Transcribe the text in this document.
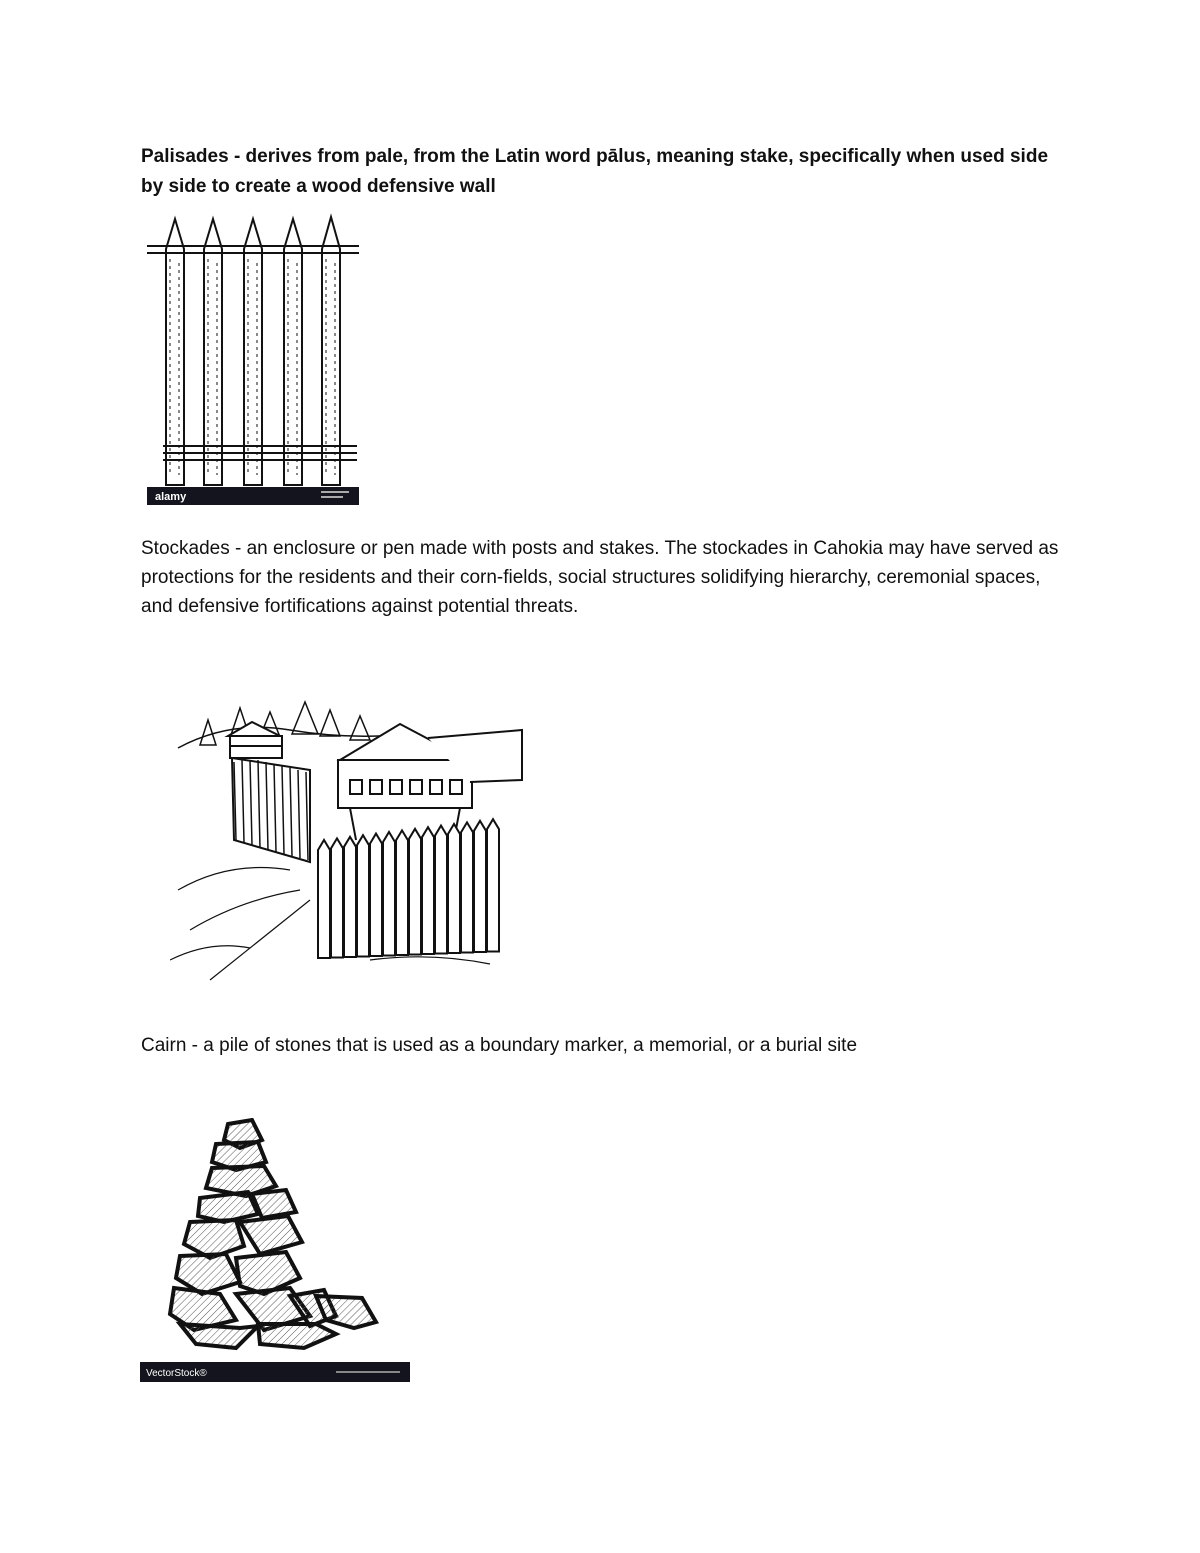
Palisades - derives from pale, from the Latin word pālus, meaning stake, specifically when used side by side to create a wood defensive wall

alamy

Stockades - an enclosure or pen made with posts and stakes. The stockades in Cahokia may have served as protections for the residents and their corn-fields, social structures solidifying hierarchy, ceremonial spaces, and defensive fortifications against potential threats.

Cairn - a pile of stones that is used as a boundary marker, a memorial, or a burial site

VectorStock®
